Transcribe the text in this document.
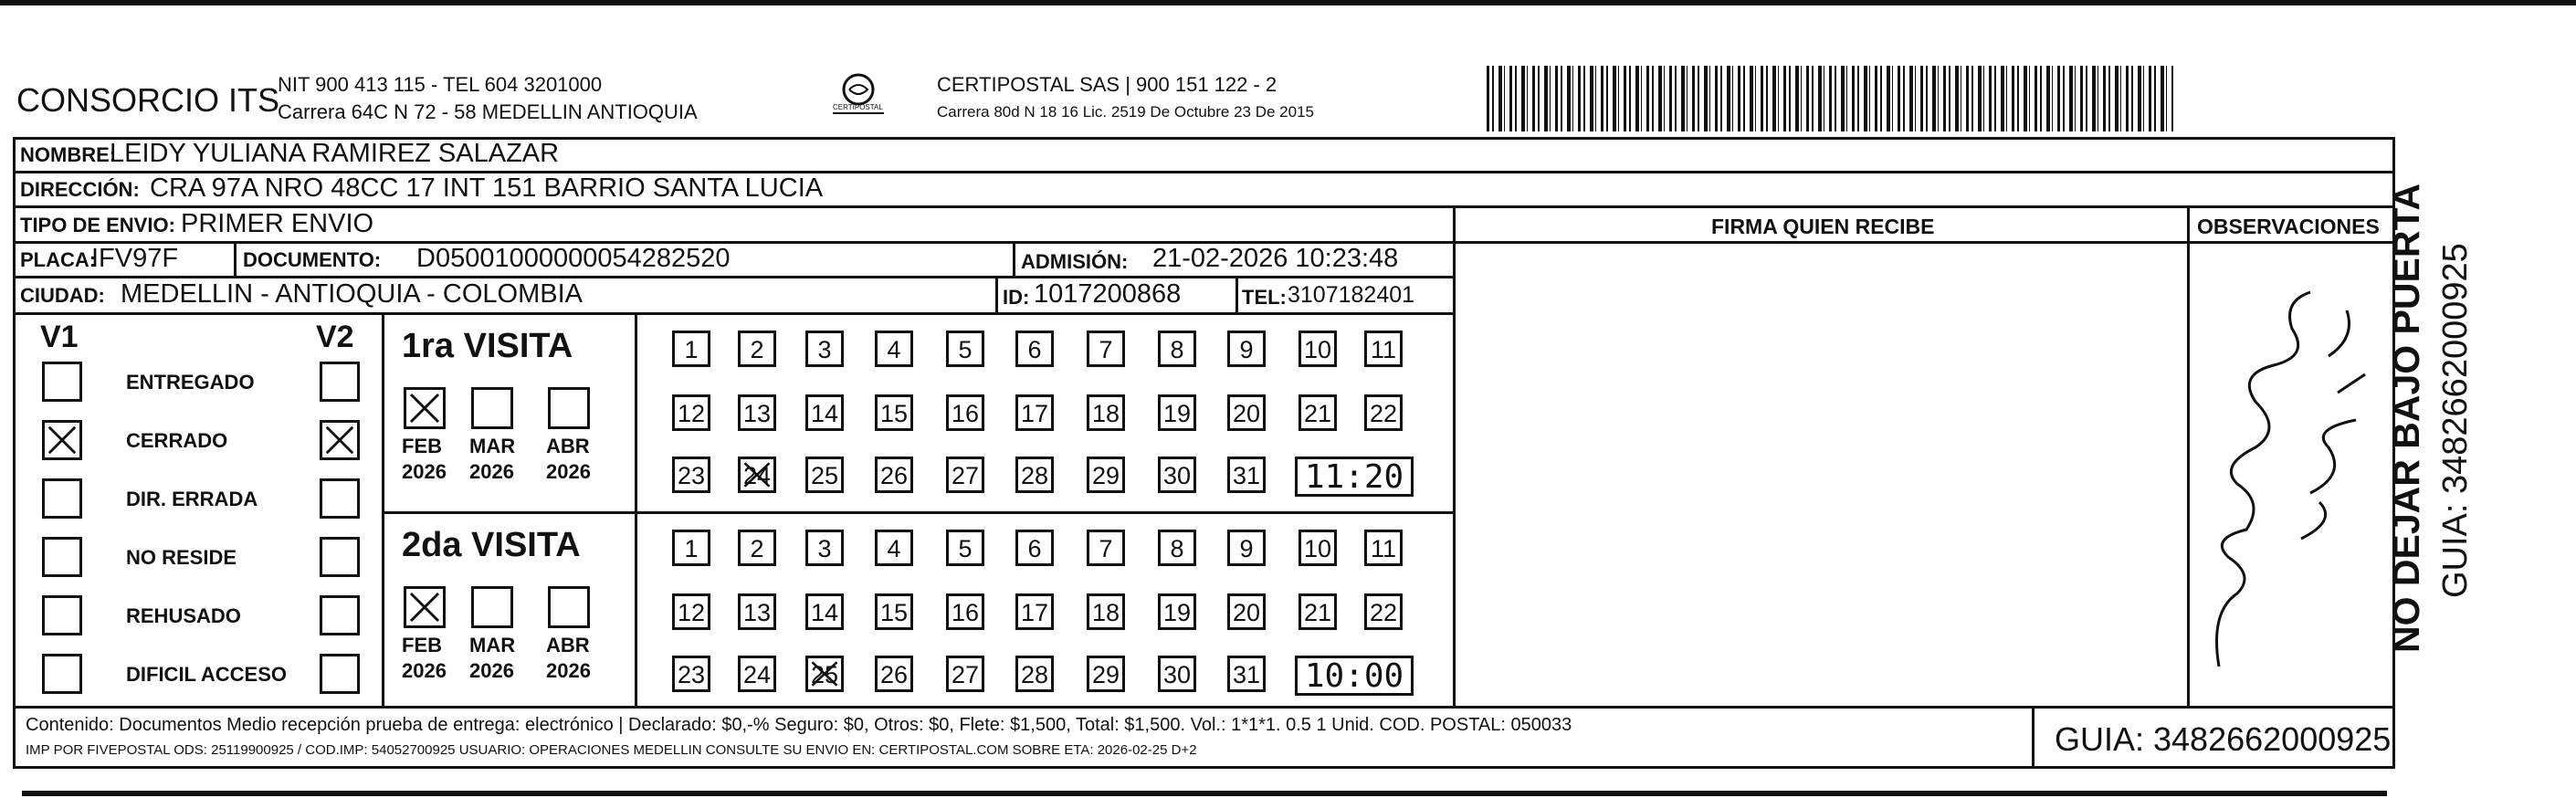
CONSORCIO ITS
NIT 900 413 115 - TEL 604 3201000
Carrera 64C N 72 - 58 MEDELLIN ANTIOQUIA	CERTIPOSTAL
CERTIPOSTAL SAS | 900 151 122 - 2
Carrera 80d N 18 16 Lic. 2519 De Octubre 23 De 2015
NOMBRE:
LEIDY YULIANA RAMIREZ SALAZAR
DIRECCIÓN: CRA 97A NRO 48CC 17 INT 151 BARRIO SANTA LUCIA
TIPO DE ENVIO: PRIMER ENVIO	FIRMA QUIEN RECIBE	OBSERVACIONES
PLACA:
IFV97F	DOCUMENTO: D05001000000054282520	ADMISIÓN: 21-02-2026 10:23:48
CIUDAD: MEDELLIN - ANTIOQUIA - COLOMBIA	ID: 1017200868	TEL: 3107182401
V1	V2
ENTREGADO
CERRADO
DIR. ERRADA
NO RESIDE
REHUSADO
DIFICIL ACCESO
1ra VISITA
FEB
2026
MAR
2026
ABR
2026
1	2	3	4	5	6	7	8	9	10 11
12 13 14 15 16 17 18 19 20 21 22
23 24 25 26 27 28 29 30 31	11:20
2da VISITA
FEB
2026
MAR
2026
ABR
2026
1	2	3	4	5	6	7	8	9	10 11
12 13 14 15 16 17 18 19 20 21 22
23 24 25 26 27 28 29 30 31	10:00
NO DEJAR BAJO PUERTA GUIA: 3482662000925
Contenido: Documentos Medio recepción prueba de entrega: electrónico | Declarado: $0,-% Seguro: $0, Otros: $0, Flete: $1,500, Total: $1,500. Vol.: 1*1*1. 0.5 1 Unid. COD. POSTAL: 050033
IMP POR FIVEPOSTAL ODS: 25119900925 / COD.IMP: 54052700925 USUARIO: OPERACIONES MEDELLIN CONSULTE SU ENVIO EN: CERTIPOSTAL.COM SOBRE ETA: 2026-02-25 D+2	GUIA: 3482662000925
